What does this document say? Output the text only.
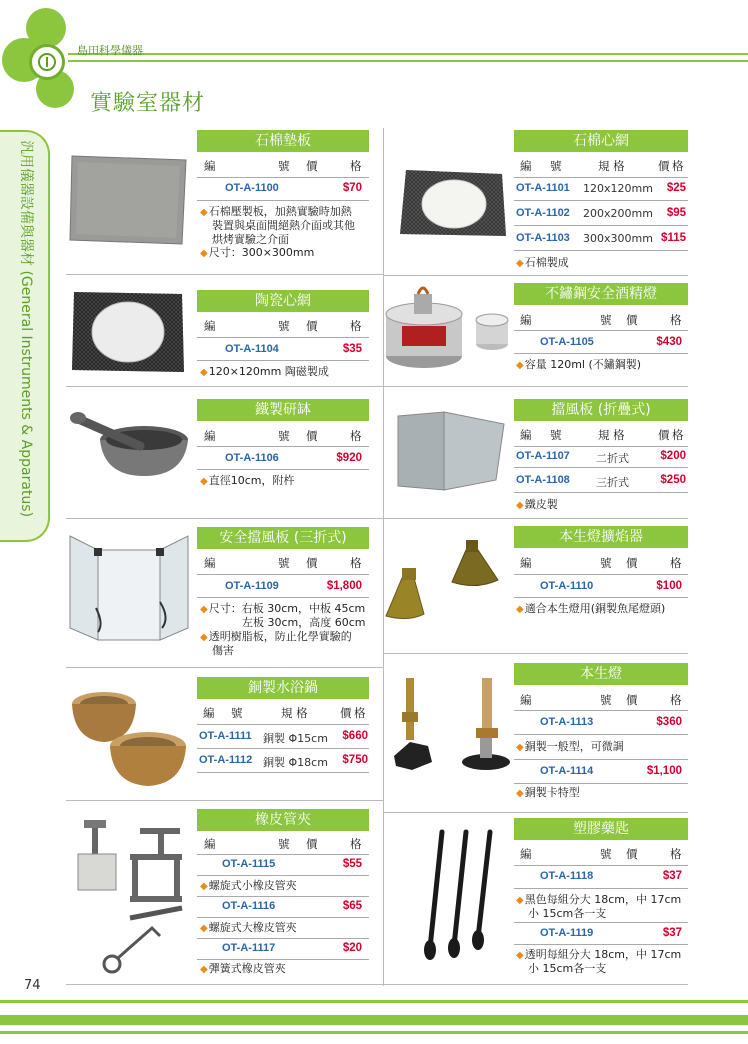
島田科學儀器
實驗室器材
汎用儀器設備與器材 (General Instruments & Apparatus)	石棉墊板
編	號 價	格
OT-A-1100	$70
◆ 石棉壓製板，加熱實驗時加熱
裝置與桌面間絕熱介面或其他
烘烤實驗之介面
◆ 尺寸：300×300mm
石棉心網
編 號	規 格	價 格
OT-A-1101 120x120mm	$25
OT-A-1102 200x200mm	$95
OT-A-1103 300x300mm $115
◆ 石棉製成
陶瓷心網
編	號 價	格
OT-A-1104	$35
◆ 120×120mm 陶磁製成
不鏽鋼安全酒精燈
編	號 價	格
OT-A-1105	$430
◆ 容量 120ml (不鏽鋼製)
鐵製研缽
編	號 價	格
OT-A-1106	$920
◆ 直徑10cm，附杵
擋風板 (折疊式)
編 號	規 格	價 格
OT-A-1107 二折式	$200
OT-A-1108 三折式	$250
◆ 鐵皮製
安全擋風板 (三折式)
編	號 價	格
OT-A-1109	$1,800
◆ 尺寸：右板 30cm，中板 45cm
左板 30cm，高度 60cm
◆ 透明樹脂板，防止化學實驗的
傷害
本生燈擴焰器
編	號 價	格
OT-A-1110	$100
◆ 適合本生燈用(銅製魚尾燈頭)
銅製水浴鍋
編 號	規 格	價 格
OT-A-1111 銅製 Φ15cm	$660
OT-A-1112 銅製 Φ18cm	$750
本生燈
編	號 價	格
OT-A-1113	$360
◆ 銅製一般型，可微調
OT-A-1114	$1,100
◆ 銅製卡特型
橡皮管夾
編	號 價	格
OT-A-1115	$55
◆ 螺旋式小橡皮管夾
OT-A-1116	$65
◆ 螺旋式大橡皮管夾
OT-A-1117	$20
◆ 彈簧式橡皮管夾
塑膠藥匙
編	號 價	格
OT-A-1118	$37
◆ 黑色每組分大 18cm，中 17cm
小 15cm各一支
OT-A-1119	$37
◆ 透明每組分大 18cm，中 17cm
小 15cm各一支
74
